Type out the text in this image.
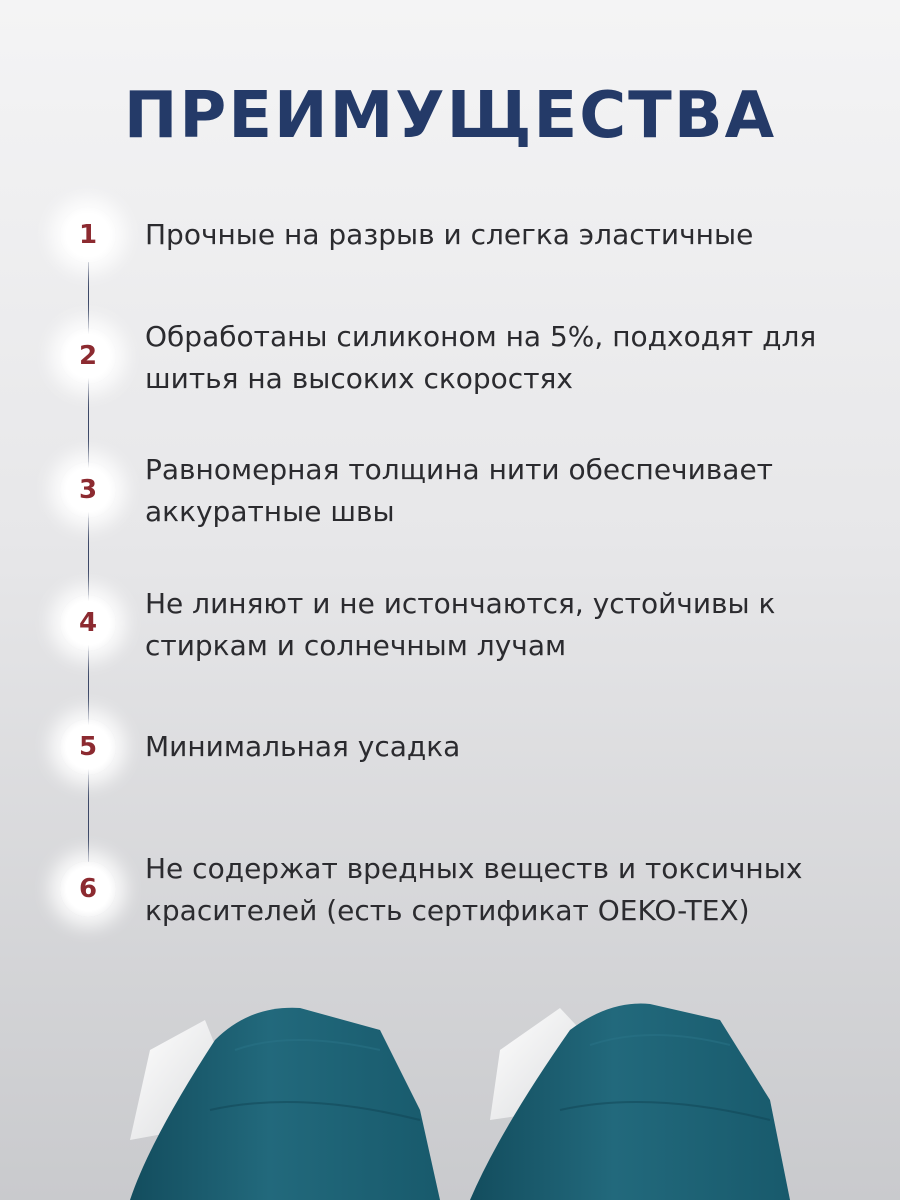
ПРЕИМУЩЕСТВА
1	Прочные на разрыв и слегка эластичные

2

Обработаны силиконом на 5%, подходят для шитья на высоких скоростях

3

Равномерная толщина нити обеспечивает аккуратные швы

4

Не линяют и не истончаются, устойчивы к стиркам и солнечным лучам

5	Минимальная усадка

6

Не содержат вредных веществ и токсичных красителей (есть сертификат OEKO-TEX)
